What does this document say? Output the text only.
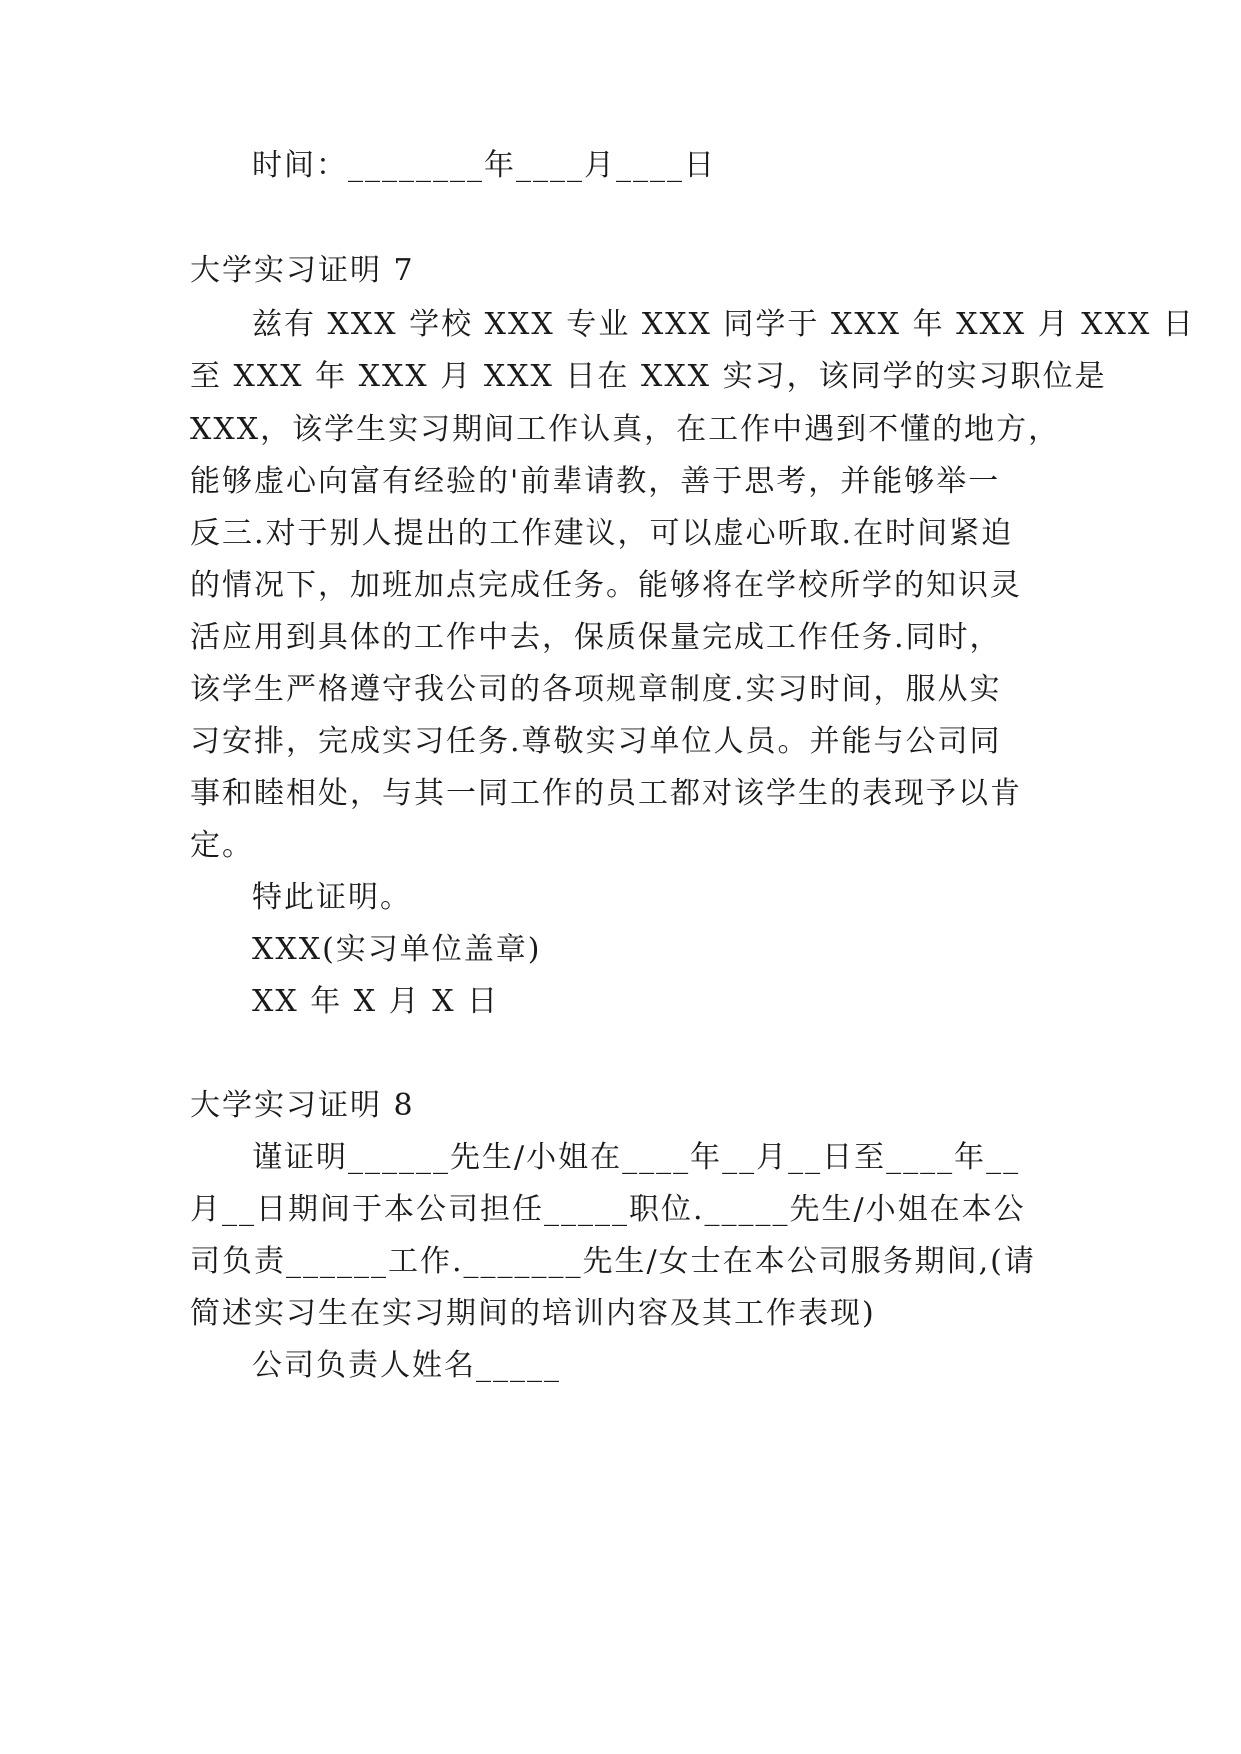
时间：________年____月____日
大学实习证明 7
兹有 XXX 学校 XXX 专业 XXX 同学于 XXX 年 XXX 月 XXX 日
至 XXX 年 XXX 月 XXX 日在 XXX 实习，该同学的实习职位是
XXX，该学生实习期间工作认真，在工作中遇到不懂的地方，
能够虚心向富有经验的'前辈请教，善于思考，并能够举一
反三.对于别人提出的工作建议，可以虚心听取.在时间紧迫
的情况下，加班加点完成任务。能够将在学校所学的知识灵
活应用到具体的工作中去，保质保量完成工作任务.同时，
该学生严格遵守我公司的各项规章制度.实习时间，服从实
习安排，完成实习任务.尊敬实习单位人员。并能与公司同
事和睦相处，与其一同工作的员工都对该学生的表现予以肯
定。
特此证明。
XXX(实习单位盖章)
XX 年 X 月 X 日
大学实习证明 8
谨证明______先生/小姐在____年__月__日至____年__
月__日期间于本公司担任_____职位._____先生/小姐在本公
司负责______工作._______先生/女士在本公司服务期间,(请
简述实习生在实习期间的培训内容及其工作表现)
公司负责人姓名_____
